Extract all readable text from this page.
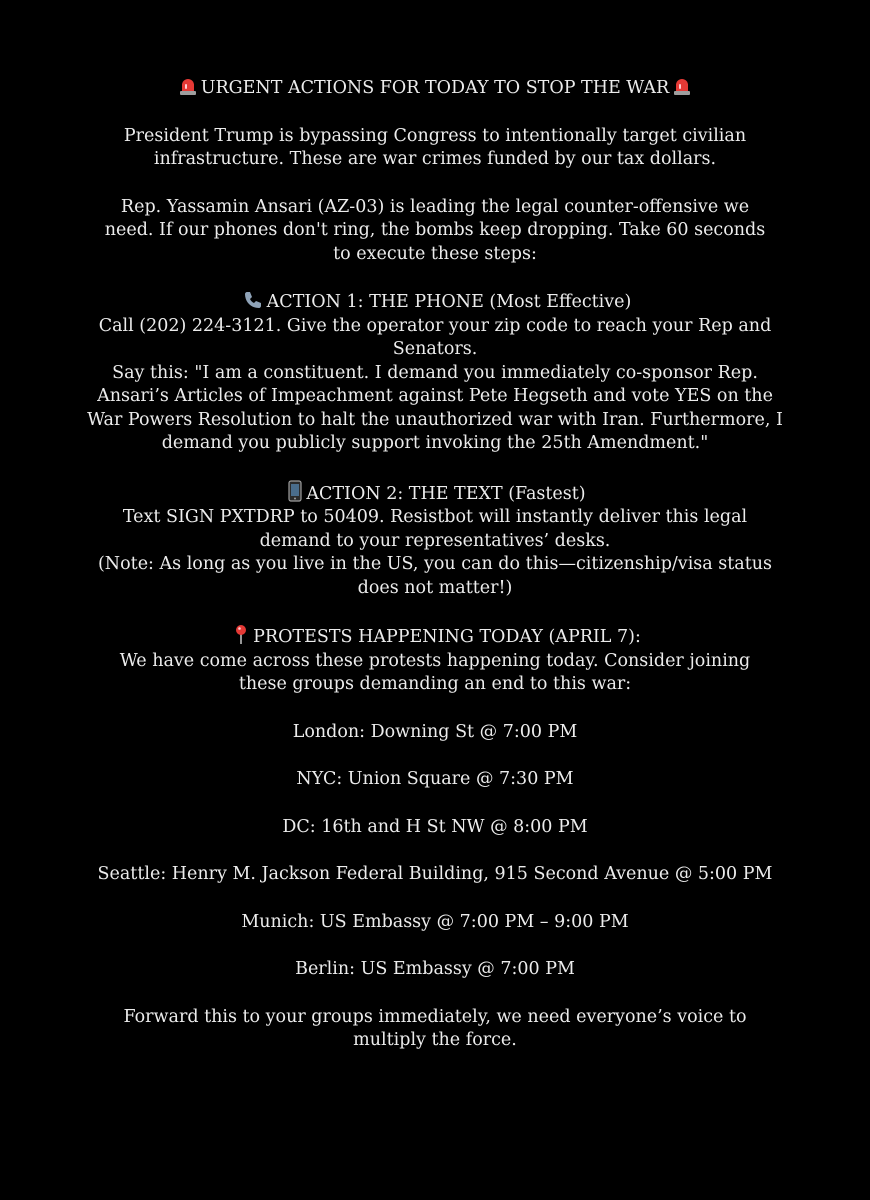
URGENT ACTIONS FOR TODAY TO STOP THE WAR
President Trump is bypassing Congress to intentionally target civilian infrastructure. These are war crimes funded by our tax dollars.
Rep. Yassamin Ansari (AZ-03) is leading the legal counter-offensive we need. If our phones don't ring, the bombs keep dropping. Take 60 seconds to execute these steps:
ACTION 1: THE PHONE (Most Effective)
Call (202) 224-3121. Give the operator your zip code to reach your Rep and Senators.
Say this: "I am a constituent. I demand you immediately co-sponsor Rep. Ansari’s Articles of Impeachment against Pete Hegseth and vote YES on the War Powers Resolution to halt the unauthorized war with Iran. Furthermore, I demand you publicly support invoking the 25th Amendment."
ACTION 2: THE TEXT (Fastest)
Text SIGN PXTDRP to 50409. Resistbot will instantly deliver this legal demand to your representatives’ desks.
(Note: As long as you live in the US, you can do this—citizenship/visa status does not matter!)
PROTESTS HAPPENING TODAY (APRIL 7):
We have come across these protests happening today. Consider joining these groups demanding an end to this war:
London: Downing St @ 7:00 PM
NYC: Union Square @ 7:30 PM
DC: 16th and H St NW @ 8:00 PM
Seattle: Henry M. Jackson Federal Building, 915 Second Avenue @ 5:00 PM
Munich: US Embassy @ 7:00 PM – 9:00 PM
Berlin: US Embassy @ 7:00 PM
Forward this to your groups immediately, we need everyone’s voice to multiply the force.
